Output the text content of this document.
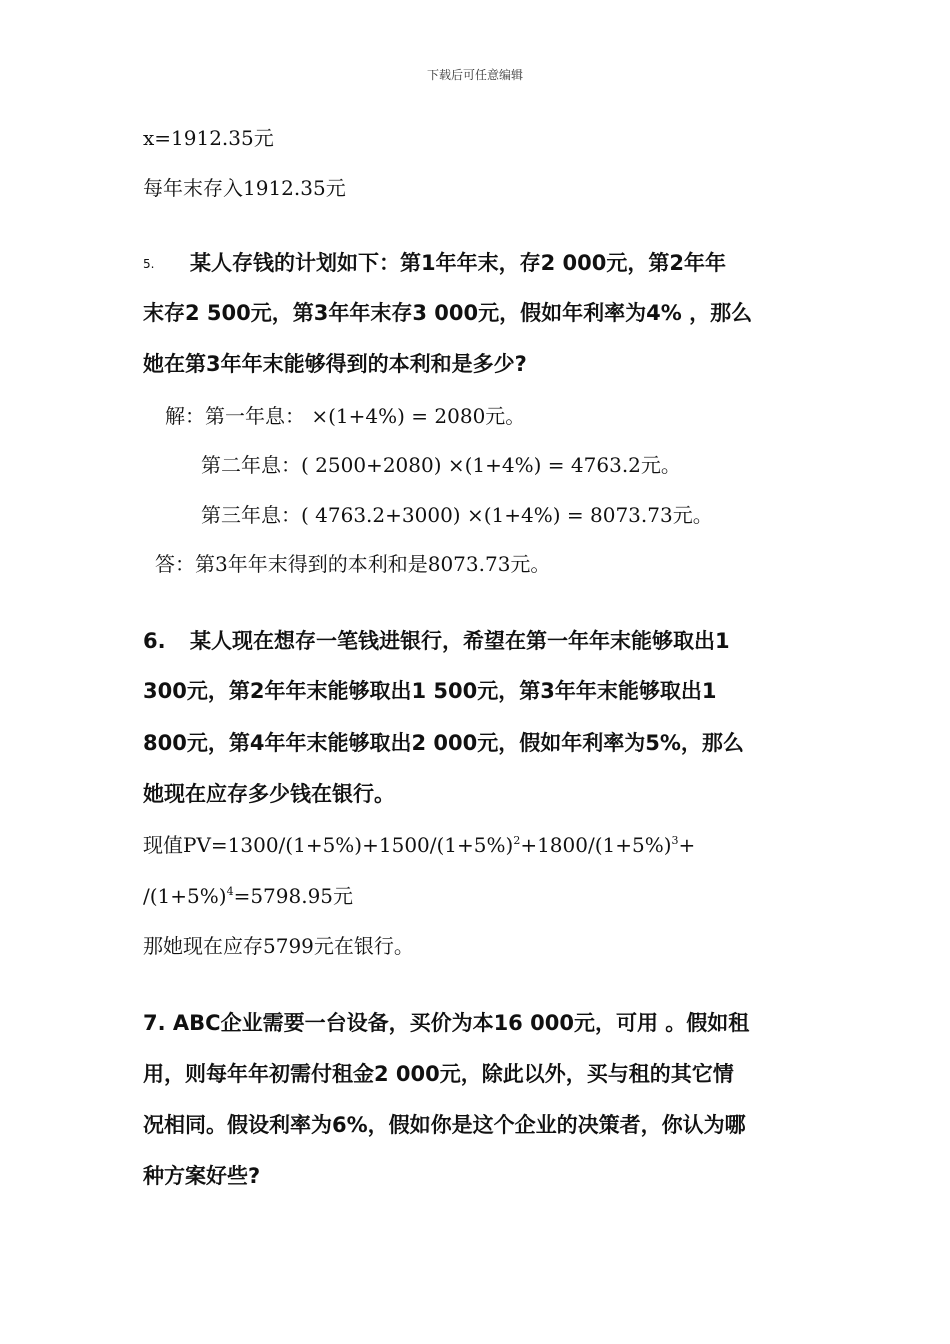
下载后可任意编辑
x=1912.35元
每年末存入1912.35元
5. 某人存钱的计划如下：第1年年末，存2 000元，第2年年
末存2 500元，第3年年末存3 000元，假如年利率为4% ，那么
她在第3年年末能够得到的本利和是多少?
解：第一年息： ×(1+4%) = 2080元。
第二年息：( 2500+2080) ×(1+4%) = 4763.2元。
第三年息：( 4763.2+3000) ×(1+4%) = 8073.73元。
答：第3年年末得到的本利和是8073.73元。
6. 某人现在想存一笔钱进银行，希望在第一年年末能够取出1
300元，第2年年末能够取出1 500元，第3年年末能够取出1
800元，第4年年末能够取出2 000元，假如年利率为5%，那么
她现在应存多少钱在银行。
现值$PV=1300/(1+5\%)+1500/(1+5\%)^2+1800/(1+5\%)^3+$
$/(1+5\%)^4=5798.95$元
那她现在应存5799元在银行。
7. ABC企业需要一台设备，买价为本16 000元，可用 。假如租
用，则每年年初需付租金2 000元，除此以外，买与租的其它情
况相同。假设利率为6%，假如你是这个企业的决策者，你认为哪
种方案好些?
